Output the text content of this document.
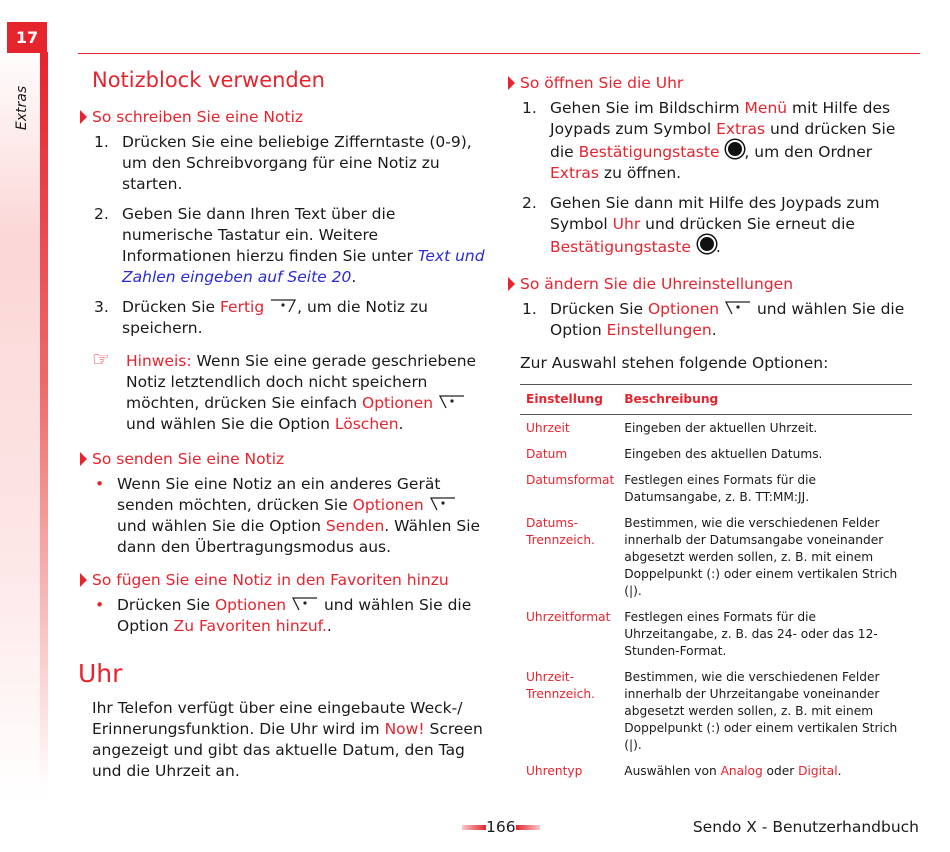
17
Extras
Notizblock verwenden
So schreiben Sie eine Notiz
1. Drücken Sie eine beliebige Zifferntaste (0-9), um den Schreibvorgang für eine Notiz zu starten.
2. Geben Sie dann Ihren Text über die numerische Tastatur ein. Weitere Informationen hierzu finden Sie unter Text und Zahlen eingeben auf Seite 20.
3. Drücken Sie Fertig , um die Notiz zu speichern.
☞ Hinweis: Wenn Sie eine gerade geschriebene Notiz letztendlich doch nicht speichern möchten, drücken Sie einfach Optionen  und wählen Sie die Option Löschen.
So senden Sie eine Notiz
• Wenn Sie eine Notiz an ein anderes Gerät senden möchten, drücken Sie Optionen  und wählen Sie die Option Senden. Wählen Sie dann den Übertragungsmodus aus.
So fügen Sie eine Notiz in den Favoriten hinzu
• Drücken Sie Optionen  und wählen Sie die Option Zu Favoriten hinzuf..
Uhr

Ihr Telefon verfügt über eine eingebaute Weck-/ Erinnerungsfunktion. Die Uhr wird im Now! Screen angezeigt und gibt das aktuelle Datum, den Tag und die Uhrzeit an.

So öffnen Sie die Uhr
1. Gehen Sie im Bildschirm Menü mit Hilfe des Joypads zum Symbol Extras und drücken Sie die Bestätigungstaste , um den Ordner Extras zu öffnen.
2. Gehen Sie dann mit Hilfe des Joypads zum Symbol Uhr und drücken Sie erneut die Bestätigungstaste .
So ändern Sie die Uhreinstellungen
1. Drücken Sie Optionen  und wählen Sie die Option Einstellungen.

Zur Auswahl stehen folgende Optionen:

Einstellung	Beschreibung
Uhrzeit	Eingeben der aktuellen Uhrzeit.
Datum	Eingeben des aktuellen Datums.
Datumsformat	Festlegen eines Formats für die Datumsangabe, z. B. TT:MM:JJ.
Datums-
Trennzeich.	Bestimmen, wie die verschiedenen Felder innerhalb der Datumsangabe voneinander abgesetzt werden sollen, z. B. mit einem Doppelpunkt (:) oder einem vertikalen Strich (|).
Uhrzeitformat	Festlegen eines Formats für die Uhrzeitangabe, z. B. das 24- oder das 12-Stunden-Format.
Uhrzeit-
Trennzeich.	Bestimmen, wie die verschiedenen Felder innerhalb der Uhrzeitangabe voneinander abgesetzt werden sollen, z. B. mit einem Doppelpunkt (:) oder einem vertikalen Strich (|).
Uhrentyp	Auswählen von Analog oder Digital.
166	Sendo X - Benutzerhandbuch
